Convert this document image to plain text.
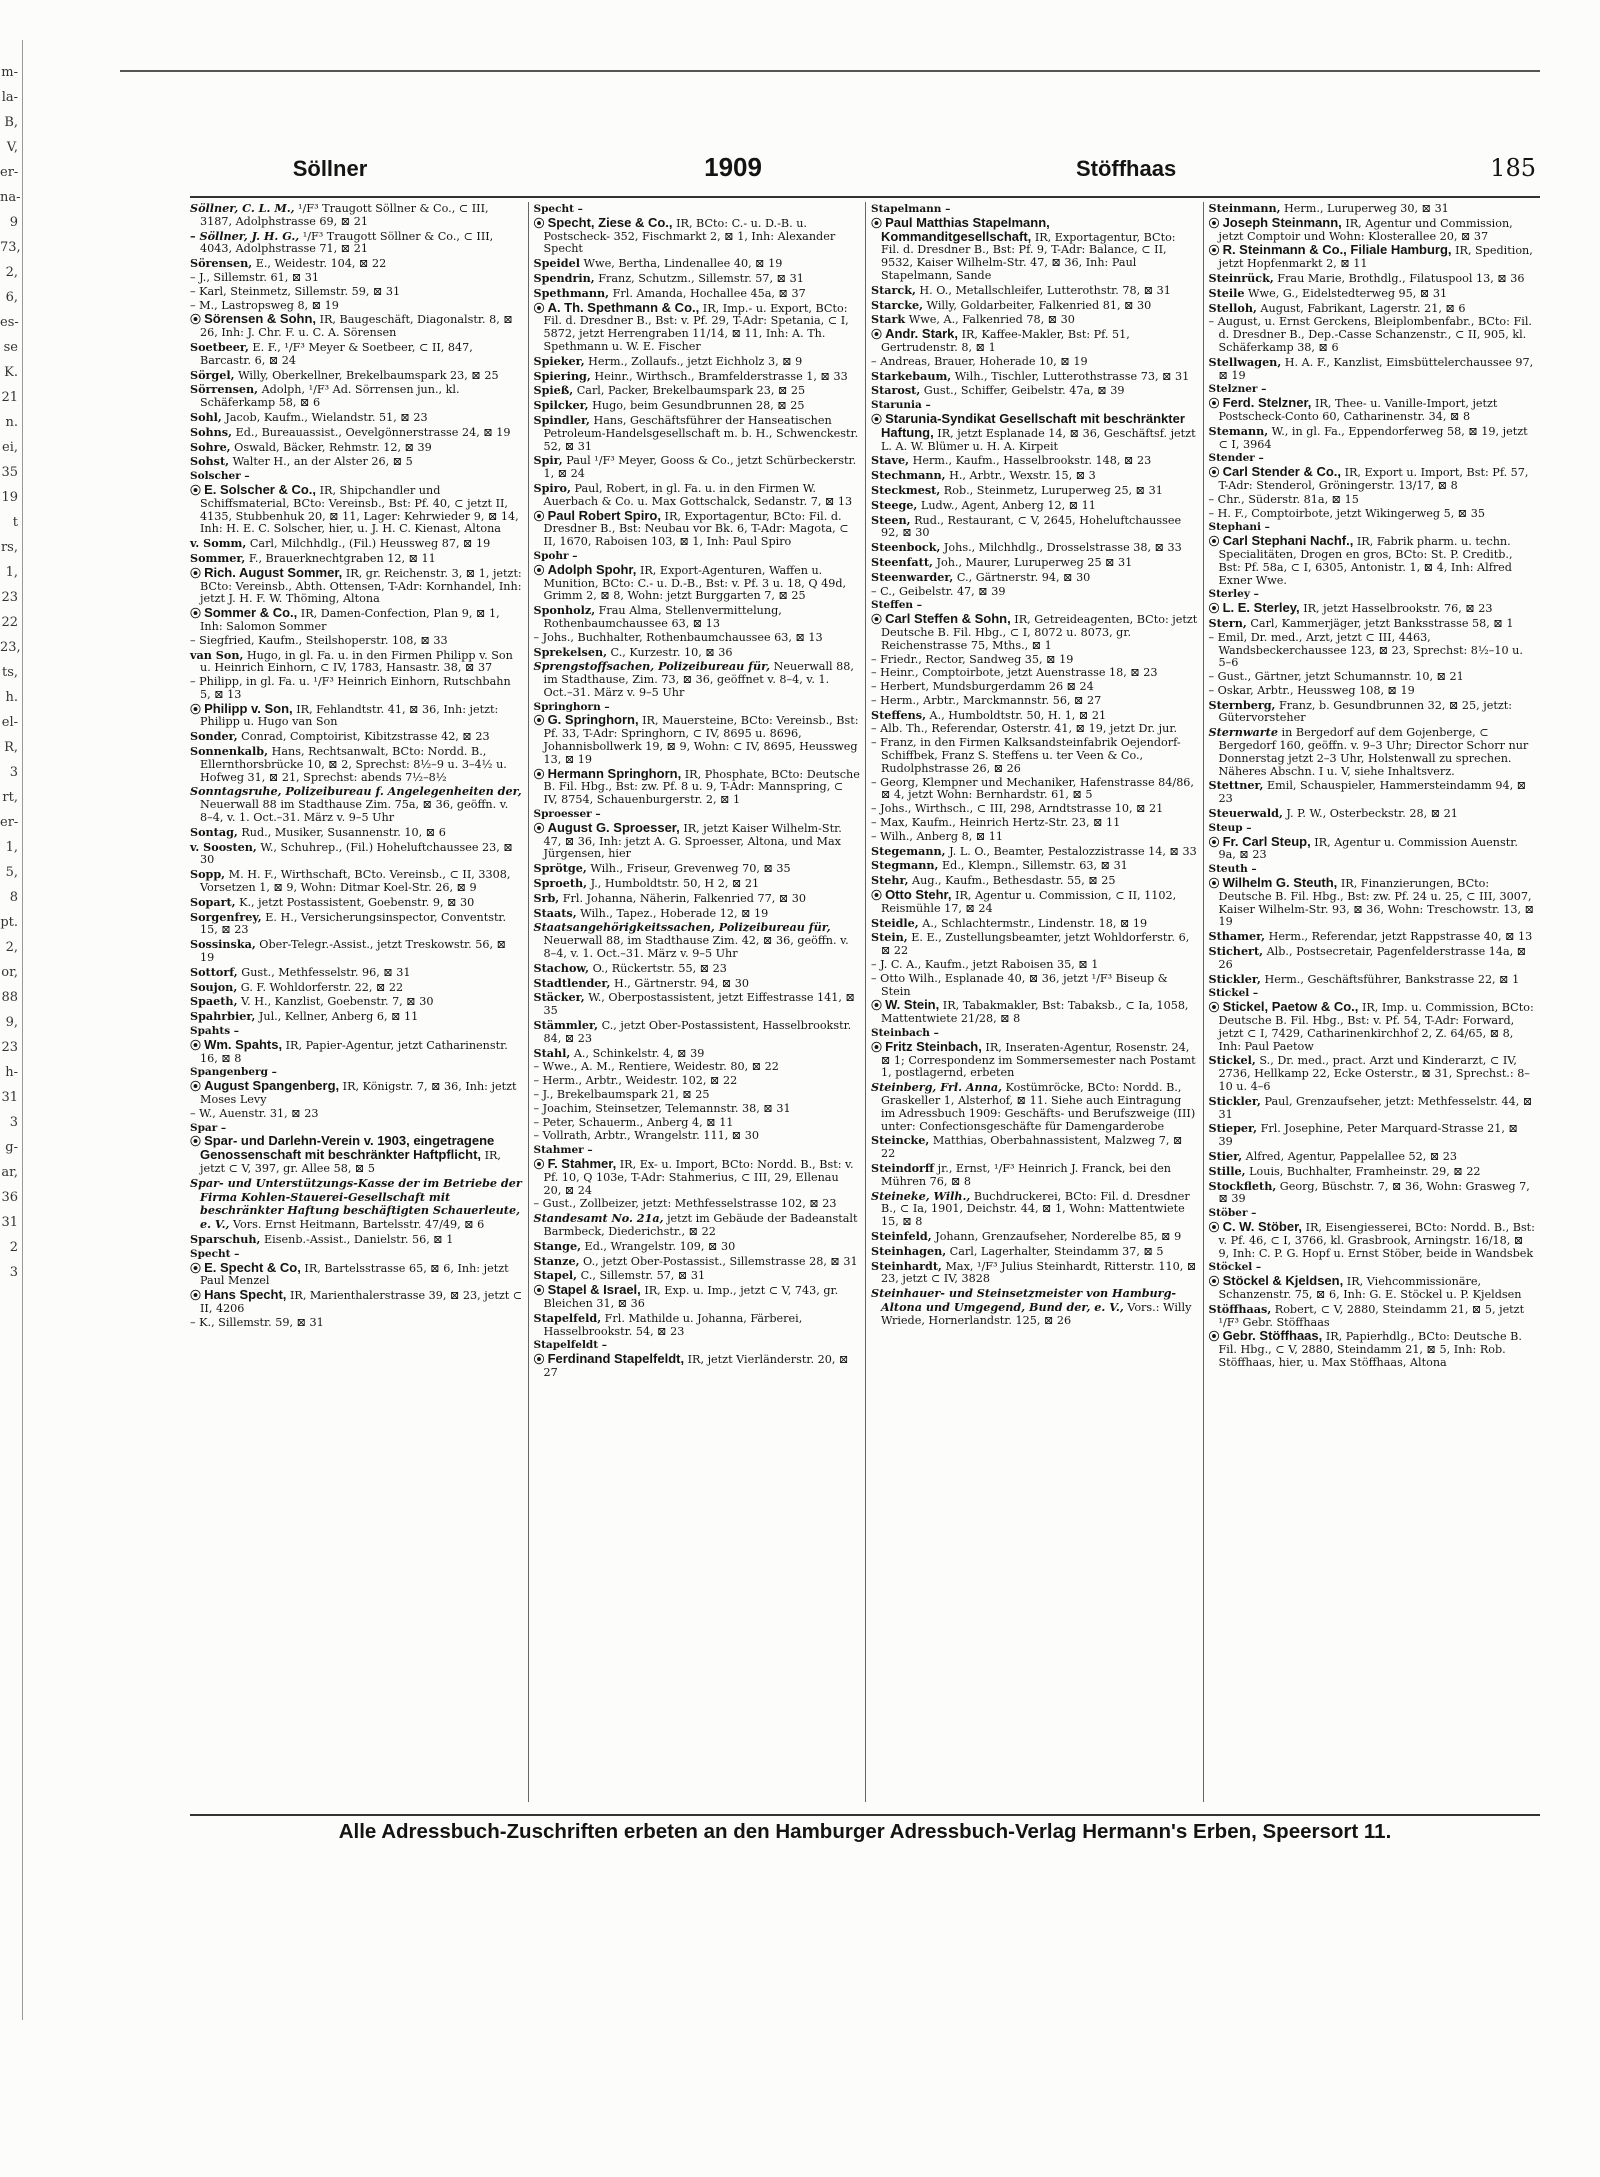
m-
la-
B,
V,
er-
na-
9
73,
2,
6,
es-
se
K.
21
n.
ei,
35
19
t
rs,
1,
23
22
23,
ts,
h.
el-
R,
3
rt,
er-
1,
5,
8
pt.
2,
or,
88
9,
23
h-
31
3
g-
ar,
36
31
2
3
Söllner	1909	Stöffhaas	185
Söllner, C. L. M., ¹/F³ Traugott Söllner & Co., ⊂ III, 3187, Adolphstrasse 69, ⊠ 21
– Söllner, J. H. G., ¹/F³ Traugott Söllner & Co., ⊂ III, 4043, Adolphstrasse 71, ⊠ 21
Sörensen, E., Weidestr. 104, ⊠ 22
– J., Sillemstr. 61, ⊠ 31
– Karl, Steinmetz, Sillemstr. 59, ⊠ 31
– M., Lastropsweg 8, ⊠ 19
⦿ Sörensen & Sohn, IR, Baugeschäft, Diagonalstr. 8, ⊠ 26, Inh: J. Chr. F. u. C. A. Sörensen
Soetbeer, E. F., ¹/F³ Meyer & Soetbeer, ⊂ II, 847, Barcastr. 6, ⊠ 24
Sörgel, Willy, Oberkellner, Brekelbaumspark 23, ⊠ 25
Sörrensen, Adolph, ¹/F³ Ad. Sörrensen jun., kl. Schäferkamp 58, ⊠ 6
Sohl, Jacob, Kaufm., Wielandstr. 51, ⊠ 23
Sohns, Ed., Bureauassist., Oevelgönnerstrasse 24, ⊠ 19
Sohre, Oswald, Bäcker, Rehmstr. 12, ⊠ 39
Sohst, Walter H., an der Alster 26, ⊠ 5
Solscher –
⦿ E. Solscher & Co., IR, Shipchandler und Schiffsmaterial, BCto: Vereinsb., Bst: Pf. 40, ⊂ jetzt II, 4135, Stubbenhuk 20, ⊠ 11, Lager: Kehrwieder 9, ⊠ 14, Inh: H. E. C. Solscher, hier, u. J. H. C. Kienast, Altona
v. Somm, Carl, Milchhdlg., (Fil.) Heussweg 87, ⊠ 19
Sommer, F., Brauerknechtgraben 12, ⊠ 11
⦿ Rich. August Sommer, IR, gr. Reichenstr. 3, ⊠ 1, jetzt: BCto: Vereinsb., Abth. Ottensen, T-Adr: Kornhandel, Inh: jetzt J. H. F. W. Thöming, Altona
⦿ Sommer & Co., IR, Damen-Confection, Plan 9, ⊠ 1, Inh: Salomon Sommer
– Siegfried, Kaufm., Steilshoperstr. 108, ⊠ 33
van Son, Hugo, in gl. Fa. u. in den Firmen Philipp v. Son u. Heinrich Einhorn, ⊂ IV, 1783, Hansastr. 38, ⊠ 37
– Philipp, in gl. Fa. u. ¹/F³ Heinrich Einhorn, Rutschbahn 5, ⊠ 13
⦿ Philipp v. Son, IR, Fehlandtstr. 41, ⊠ 36, Inh: jetzt: Philipp u. Hugo van Son
Sonder, Conrad, Comptoirist, Kibitzstrasse 42, ⊠ 23
Sonnenkalb, Hans, Rechtsanwalt, BCto: Nordd. B., Ellernthorsbrücke 10, ⊠ 2, Sprechst: 8½–9 u. 3–4½ u. Hofweg 31, ⊠ 21, Sprechst: abends 7½–8½
Sonntagsruhe, Polizeibureau f. Angelegenheiten der, Neuerwall 88 im Stadthause Zim. 75a, ⊠ 36, geöffn. v. 8–4, v. 1. Oct.–31. März v. 9–5 Uhr
Sontag, Rud., Musiker, Susannenstr. 10, ⊠ 6
v. Soosten, W., Schuhrep., (Fil.) Hoheluftchaussee 23, ⊠ 30
Sopp, M. H. F., Wirthschaft, BCto. Vereinsb., ⊂ II, 3308, Vorsetzen 1, ⊠ 9, Wohn: Ditmar Koel-Str. 26, ⊠ 9
Sopart, K., jetzt Postassistent, Goebenstr. 9, ⊠ 30
Sorgenfrey, E. H., Versicherungsinspector, Conventstr. 15, ⊠ 23
Sossinska, Ober-Telegr.-Assist., jetzt Treskowstr. 56, ⊠ 19
Sottorf, Gust., Methfesselstr. 96, ⊠ 31
Soujon, G. F. Wohldorferstr. 22, ⊠ 22
Spaeth, V. H., Kanzlist, Goebenstr. 7, ⊠ 30
Spahrbier, Jul., Kellner, Anberg 6, ⊠ 11
Spahts –
⦿ Wm. Spahts, IR, Papier-Agentur, jetzt Catharinenstr. 16, ⊠ 8
Spangenberg –
⦿ August Spangenberg, IR, Königstr. 7, ⊠ 36, Inh: jetzt Moses Levy
– W., Auenstr. 31, ⊠ 23
Spar –
⦿ Spar- und Darlehn-Verein v. 1903, eingetragene Genossenschaft mit beschränkter Haftpflicht, IR, jetzt ⊂ V, 397, gr. Allee 58, ⊠ 5
Spar- und Unterstützungs-Kasse der im Betriebe der Firma Kohlen-Stauerei-Gesellschaft mit beschränkter Haftung beschäftigten Schauerleute, e. V., Vors. Ernst Heitmann, Bartelsstr. 47/49, ⊠ 6
Sparschuh, Eisenb.-Assist., Danielstr. 56, ⊠ 1
Specht –
⦿ E. Specht & Co, IR, Bartelsstrasse 65, ⊠ 6, Inh: jetzt Paul Menzel
⦿ Hans Specht, IR, Marienthalerstrasse 39, ⊠ 23, jetzt ⊂ II, 4206
– K., Sillemstr. 59, ⊠ 31
Specht –
⦿ Specht, Ziese & Co., IR, BCto: C.- u. D.-B. u. Postscheck- 352, Fischmarkt 2, ⊠ 1, Inh: Alexander Specht
Speidel Wwe, Bertha, Lindenallee 40, ⊠ 19
Spendrin, Franz, Schutzm., Sillemstr. 57, ⊠ 31
Spethmann, Frl. Amanda, Hochallee 45a, ⊠ 37
⦿ A. Th. Spethmann & Co., IR, Imp.- u. Export, BCto: Fil. d. Dresdner B., Bst: v. Pf. 29, T-Adr: Spetania, ⊂ I, 5872, jetzt Herrengraben 11/14, ⊠ 11, Inh: A. Th. Spethmann u. W. E. Fischer
Spieker, Herm., Zollaufs., jetzt Eichholz 3, ⊠ 9
Spiering, Heinr., Wirthsch., Bramfelderstrasse 1, ⊠ 33
Spieß, Carl, Packer, Brekelbaumspark 23, ⊠ 25
Spilcker, Hugo, beim Gesundbrunnen 28, ⊠ 25
Spindler, Hans, Geschäftsführer der Hanseatischen Petroleum-Handelsgesellschaft m. b. H., Schwenckestr. 52, ⊠ 31
Spir, Paul ¹/F³ Meyer, Gooss & Co., jetzt Schürbeckerstr. 1, ⊠ 24
Spiro, Paul, Robert, in gl. Fa. u. in den Firmen W. Auerbach & Co. u. Max Gottschalck, Sedanstr. 7, ⊠ 13
⦿ Paul Robert Spiro, IR, Exportagentur, BCto: Fil. d. Dresdner B., Bst: Neubau vor Bk. 6, T-Adr: Magota, ⊂ II, 1670, Raboisen 103, ⊠ 1, Inh: Paul Spiro
Spohr –
⦿ Adolph Spohr, IR, Export-Agenturen, Waffen u. Munition, BCto: C.- u. D.-B., Bst: v. Pf. 3 u. 18, Q 49d, Grimm 2, ⊠ 8, Wohn: jetzt Burggarten 7, ⊠ 25
Sponholz, Frau Alma, Stellenvermittelung, Rothenbaumchaussee 63, ⊠ 13
– Johs., Buchhalter, Rothenbaumchaussee 63, ⊠ 13
Sprekelsen, C., Kurzestr. 10, ⊠ 36
Sprengstoffsachen, Polizeibureau für, Neuerwall 88, im Stadthause, Zim. 73, ⊠ 36, geöffnet v. 8–4, v. 1. Oct.–31. März v. 9–5 Uhr
Springhorn –
⦿ G. Springhorn, IR, Mauersteine, BCto: Vereinsb., Bst: Pf. 33, T-Adr: Springhorn, ⊂ IV, 8695 u. 8696, Johannisbollwerk 19, ⊠ 9, Wohn: ⊂ IV, 8695, Heussweg 13, ⊠ 19
⦿ Hermann Springhorn, IR, Phosphate, BCto: Deutsche B. Fil. Hbg., Bst: zw. Pf. 8 u. 9, T-Adr: Mannspring, ⊂ IV, 8754, Schauenburgerstr. 2, ⊠ 1
Sproesser –
⦿ August G. Sproesser, IR, jetzt Kaiser Wilhelm-Str. 47, ⊠ 36, Inh: jetzt A. G. Sproesser, Altona, und Max Jürgensen, hier
Sprötge, Wilh., Friseur, Grevenweg 70, ⊠ 35
Sproeth, J., Humboldtstr. 50, H 2, ⊠ 21
Srb, Frl. Johanna, Näherin, Falkenried 77, ⊠ 30
Staats, Wilh., Tapez., Hoberade 12, ⊠ 19
Staatsangehörigkeitssachen, Polizeibureau für, Neuerwall 88, im Stadthause Zim. 42, ⊠ 36, geöffn. v. 8–4, v. 1. Oct.–31. März v. 9–5 Uhr
Stachow, O., Rückertstr. 55, ⊠ 23
Stadtlender, H., Gärtnerstr. 94, ⊠ 30
Stäcker, W., Oberpostassistent, jetzt Eiffestrasse 141, ⊠ 35
Stämmler, C., jetzt Ober-Postassistent, Hasselbrookstr. 84, ⊠ 23
Stahl, A., Schinkelstr. 4, ⊠ 39
– Wwe., A. M., Rentiere, Weidestr. 80, ⊠ 22
– Herm., Arbtr., Weidestr. 102, ⊠ 22
– J., Brekelbaumspark 21, ⊠ 25
– Joachim, Steinsetzer, Telemannstr. 38, ⊠ 31
– Peter, Schauerm., Anberg 4, ⊠ 11
– Vollrath, Arbtr., Wrangelstr. 111, ⊠ 30
Stahmer –
⦿ F. Stahmer, IR, Ex- u. Import, BCto: Nordd. B., Bst: v. Pf. 10, Q 103e, T-Adr: Stahmerius, ⊂ III, 29, Ellenau 20, ⊠ 24
– Gust., Zollbeizer, jetzt: Methfesselstrasse 102, ⊠ 23
Standesamt No. 21a, jetzt im Gebäude der Badeanstalt Barmbeck, Diederichstr., ⊠ 22
Stange, Ed., Wrangelstr. 109, ⊠ 30
Stanze, O., jetzt Ober-Postassist., Sillemstrasse 28, ⊠ 31
Stapel, C., Sillemstr. 57, ⊠ 31
⦿ Stapel & Israel, IR, Exp. u. Imp., jetzt ⊂ V, 743, gr. Bleichen 31, ⊠ 36
Stapelfeld, Frl. Mathilde u. Johanna, Färberei, Hasselbrookstr. 54, ⊠ 23
Stapelfeldt –
⦿ Ferdinand Stapelfeldt, IR, jetzt Vierländerstr. 20, ⊠ 27
Stapelmann –
⦿ Paul Matthias Stapelmann, Kommanditgesellschaft, IR, Exportagentur, BCto: Fil. d. Dresdner B., Bst: Pf. 9, T-Adr: Balance, ⊂ II, 9532, Kaiser Wilhelm-Str. 47, ⊠ 36, Inh: Paul Stapelmann, Sande
Starck, H. O., Metallschleifer, Lutterothstr. 78, ⊠ 31
Starcke, Willy, Goldarbeiter, Falkenried 81, ⊠ 30
Stark Wwe, A., Falkenried 78, ⊠ 30
⦿ Andr. Stark, IR, Kaffee-Makler, Bst: Pf. 51, Gertrudenstr. 8, ⊠ 1
– Andreas, Brauer, Hoherade 10, ⊠ 19
Starkebaum, Wilh., Tischler, Lutterothstrasse 73, ⊠ 31
Starost, Gust., Schiffer, Geibelstr. 47a, ⊠ 39
Starunia –
⦿ Starunia-Syndikat Gesellschaft mit beschränkter Haftung, IR, jetzt Esplanade 14, ⊠ 36, Geschäftsf. jetzt L. A. W. Blümer u. H. A. Kirpeit
Stave, Herm., Kaufm., Hasselbrookstr. 148, ⊠ 23
Stechmann, H., Arbtr., Wexstr. 15, ⊠ 3
Steckmest, Rob., Steinmetz, Luruperweg 25, ⊠ 31
Steege, Ludw., Agent, Anberg 12, ⊠ 11
Steen, Rud., Restaurant, ⊂ V, 2645, Hoheluftchaussee 92, ⊠ 30
Steenbock, Johs., Milchhdlg., Drosselstrasse 38, ⊠ 33
Steenfatt, Joh., Maurer, Luruperweg 25 ⊠ 31
Steenwarder, C., Gärtnerstr. 94, ⊠ 30
– C., Geibelstr. 47, ⊠ 39
Steffen –
⦿ Carl Steffen & Sohn, IR, Getreideagenten, BCto: jetzt Deutsche B. Fil. Hbg., ⊂ I, 8072 u. 8073, gr. Reichenstrasse 75, Mths., ⊠ 1
– Friedr., Rector, Sandweg 35, ⊠ 19
– Heinr., Comptoirbote, jetzt Auenstrasse 18, ⊠ 23
– Herbert, Mundsburgerdamm 26 ⊠ 24
– Herm., Arbtr., Marckmannstr. 56, ⊠ 27
Steffens, A., Humboldtstr. 50, H. 1, ⊠ 21
– Alb. Th., Referendar, Osterstr. 41, ⊠ 19, jetzt Dr. jur.
– Franz, in den Firmen Kalksandsteinfabrik Oejendorf-Schiffbek, Franz S. Steffens u. ter Veen & Co., Rudolphstrasse 26, ⊠ 26
– Georg, Klempner und Mechaniker, Hafenstrasse 84/86, ⊠ 4, jetzt Wohn: Bernhardstr. 61, ⊠ 5
– Johs., Wirthsch., ⊂ III, 298, Arndtstrasse 10, ⊠ 21
– Max, Kaufm., Heinrich Hertz-Str. 23, ⊠ 11
– Wilh., Anberg 8, ⊠ 11
Stegemann, J. L. O., Beamter, Pestalozzistrasse 14, ⊠ 33
Stegmann, Ed., Klempn., Sillemstr. 63, ⊠ 31
Stehr, Aug., Kaufm., Bethesdastr. 55, ⊠ 25
⦿ Otto Stehr, IR, Agentur u. Commission, ⊂ II, 1102, Reismühle 17, ⊠ 24
Steidle, A., Schlachtermstr., Lindenstr. 18, ⊠ 19
Stein, E. E., Zustellungsbeamter, jetzt Wohldorferstr. 6, ⊠ 22
– J. C. A., Kaufm., jetzt Raboisen 35, ⊠ 1
– Otto Wilh., Esplanade 40, ⊠ 36, jetzt ¹/F³ Biseup & Stein
⦿ W. Stein, IR, Tabakmakler, Bst: Tabaksb., ⊂ Ia, 1058, Mattentwiete 21/28, ⊠ 8
Steinbach –
⦿ Fritz Steinbach, IR, Inseraten-Agentur, Rosenstr. 24, ⊠ 1; Correspondenz im Sommersemester nach Postamt 1, postlagernd, erbeten
Steinberg, Frl. Anna, Kostümröcke, BCto: Nordd. B., Graskeller 1, Alsterhof, ⊠ 11. Siehe auch Eintragung im Adressbuch 1909: Geschäfts- und Berufszweige (III) unter: Confectionsgeschäfte für Damengarderobe
Steincke, Matthias, Oberbahnassistent, Malzweg 7, ⊠ 22
Steindorff jr., Ernst, ¹/F³ Heinrich J. Franck, bei den Mühren 76, ⊠ 8
Steineke, Wilh., Buchdruckerei, BCto: Fil. d. Dresdner B., ⊂ Ia, 1901, Deichstr. 44, ⊠ 1, Wohn: Mattentwiete 15, ⊠ 8
Steinfeld, Johann, Grenzaufseher, Norderelbe 85, ⊠ 9
Steinhagen, Carl, Lagerhalter, Steindamm 37, ⊠ 5
Steinhardt, Max, ¹/F³ Julius Steinhardt, Ritterstr. 110, ⊠ 23, jetzt ⊂ IV, 3828
Steinhauer- und Steinsetzmeister von Hamburg-Altona und Umgegend, Bund der, e. V., Vors.: Willy Wriede, Hornerlandstr. 125, ⊠ 26
Steinmann, Herm., Luruperweg 30, ⊠ 31
⦿ Joseph Steinmann, IR, Agentur und Commission, jetzt Comptoir und Wohn: Klosterallee 20, ⊠ 37
⦿ R. Steinmann & Co., Filiale Hamburg, IR, Spedition, jetzt Hopfenmarkt 2, ⊠ 11
Steinrück, Frau Marie, Brothdlg., Filatuspool 13, ⊠ 36
Steile Wwe, G., Eidelstedterweg 95, ⊠ 31
Stelloh, August, Fabrikant, Lagerstr. 21, ⊠ 6
– August, u. Ernst Gerckens, Bleiplombenfabr., BCto: Fil. d. Dresdner B., Dep.-Casse Schanzenstr., ⊂ II, 905, kl. Schäferkamp 38, ⊠ 6
Stellwagen, H. A. F., Kanzlist, Eimsbüttelerchaussee 97, ⊠ 19
Stelzner –
⦿ Ferd. Stelzner, IR, Thee- u. Vanille-Import, jetzt Postscheck-Conto 60, Catharinenstr. 34, ⊠ 8
Stemann, W., in gl. Fa., Eppendorferweg 58, ⊠ 19, jetzt ⊂ I, 3964
Stender –
⦿ Carl Stender & Co., IR, Export u. Import, Bst: Pf. 57, T-Adr: Stenderol, Gröningerstr. 13/17, ⊠ 8
– Chr., Süderstr. 81a, ⊠ 15
– H. F., Comptoirbote, jetzt Wikingerweg 5, ⊠ 35
Stephani –
⦿ Carl Stephani Nachf., IR, Fabrik pharm. u. techn. Specialitäten, Drogen en gros, BCto: St. P. Creditb., Bst: Pf. 58a, ⊂ I, 6305, Antonistr. 1, ⊠ 4, Inh: Alfred Exner Wwe.
Sterley –
⦿ L. E. Sterley, IR, jetzt Hasselbrookstr. 76, ⊠ 23
Stern, Carl, Kammerjäger, jetzt Banksstrasse 58, ⊠ 1
– Emil, Dr. med., Arzt, jetzt ⊂ III, 4463, Wandsbeckerchaussee 123, ⊠ 23, Sprechst: 8½–10 u. 5–6
– Gust., Gärtner, jetzt Schumannstr. 10, ⊠ 21
– Oskar, Arbtr., Heussweg 108, ⊠ 19
Sternberg, Franz, b. Gesundbrunnen 32, ⊠ 25, jetzt: Gütervorsteher
Sternwarte in Bergedorf auf dem Gojenberge, ⊂ Bergedorf 160, geöffn. v. 9–3 Uhr; Director Schorr nur Donnerstag jetzt 2–3 Uhr, Holstenwall zu sprechen. Näheres Abschn. I u. V, siehe Inhaltsverz.
Stettner, Emil, Schauspieler, Hammersteindamm 94, ⊠ 23
Steuerwald, J. P. W., Osterbeckstr. 28, ⊠ 21
Steup –
⦿ Fr. Carl Steup, IR, Agentur u. Commission Auenstr. 9a, ⊠ 23
Steuth –
⦿ Wilhelm G. Steuth, IR, Finanzierungen, BCto: Deutsche B. Fil. Hbg., Bst: zw. Pf. 24 u. 25, ⊂ III, 3007, Kaiser Wilhelm-Str. 93, ⊠ 36, Wohn: Treschowstr. 13, ⊠ 19
Sthamer, Herm., Referendar, jetzt Rappstrasse 40, ⊠ 13
Stichert, Alb., Postsecretair, Pagenfelderstrasse 14a, ⊠ 26
Stickler, Herm., Geschäftsführer, Bankstrasse 22, ⊠ 1
Stickel –
⦿ Stickel, Paetow & Co., IR, Imp. u. Commission, BCto: Deutsche B. Fil. Hbg., Bst: v. Pf. 54, T-Adr: Forward, jetzt ⊂ I, 7429, Catharinenkirchhof 2, Z. 64/65, ⊠ 8, Inh: Paul Paetow
Stickel, S., Dr. med., pract. Arzt und Kinderarzt, ⊂ IV, 2736, Hellkamp 22, Ecke Osterstr., ⊠ 31, Sprechst.: 8–10 u. 4–6
Stickler, Paul, Grenzaufseher, jetzt: Methfesselstr. 44, ⊠ 31
Stieper, Frl. Josephine, Peter Marquard-Strasse 21, ⊠ 39
Stier, Alfred, Agentur, Pappelallee 52, ⊠ 23
Stille, Louis, Buchhalter, Framheinstr. 29, ⊠ 22
Stockfleth, Georg, Büschstr. 7, ⊠ 36, Wohn: Grasweg 7, ⊠ 39
Stöber –
⦿ C. W. Stöber, IR, Eisengiesserei, BCto: Nordd. B., Bst: v. Pf. 46, ⊂ I, 3766, kl. Grasbrook, Arningstr. 16/18, ⊠ 9, Inh: C. P. G. Hopf u. Ernst Stöber, beide in Wandsbek
Stöckel –
⦿ Stöckel & Kjeldsen, IR, Viehcommissionäre, Schanzenstr. 75, ⊠ 6, Inh: G. E. Stöckel u. P. Kjeldsen
Stöffhaas, Robert, ⊂ V, 2880, Steindamm 21, ⊠ 5, jetzt ¹/F³ Gebr. Stöffhaas
⦿ Gebr. Stöffhaas, IR, Papierhdlg., BCto: Deutsche B. Fil. Hbg., ⊂ V, 2880, Steindamm 21, ⊠ 5, Inh: Rob. Stöffhaas, hier, u. Max Stöffhaas, Altona
Alle Adressbuch-Zuschriften erbeten an den Hamburger Adressbuch-Verlag Hermann's Erben, Speersort 11.
